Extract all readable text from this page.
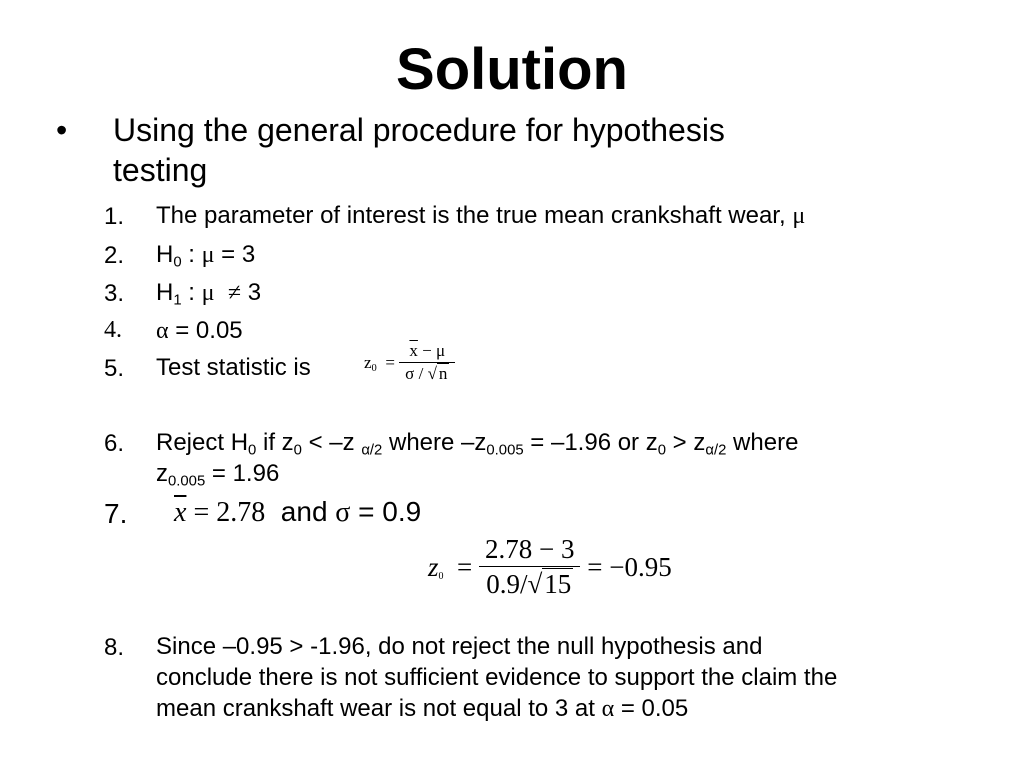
Solution
• Using the general procedure for hypothesis
testing
1. The parameter of interest is the true mean crankshaft wear, μ
2. $H_0$ : μ = 3
3. $H_1$ : μ ≠ 3
4. α = 0.05
5. Test statistic is	$z_0 = \frac{\overline{x} - \mu}{\sigma / √ n}$
6. Reject $H_0$ if $z_0 < -z$ $_{\alpha/2}$ where $-z_{0.005} = -1.96$ or $z_0 > z_{\alpha/2}$ where
$z_{0.005} = 1.96$
7. $\overline{x} = 2.78$ and σ = 0.9
$z_0 = \frac{2.78 - 3}{0.9/√15} = -0.95$
8. Since –0.95 > -1.96, do not reject the null hypothesis and
conclude there is not sufficient evidence to support the claim the
mean crankshaft wear is not equal to 3 at α = 0.05
